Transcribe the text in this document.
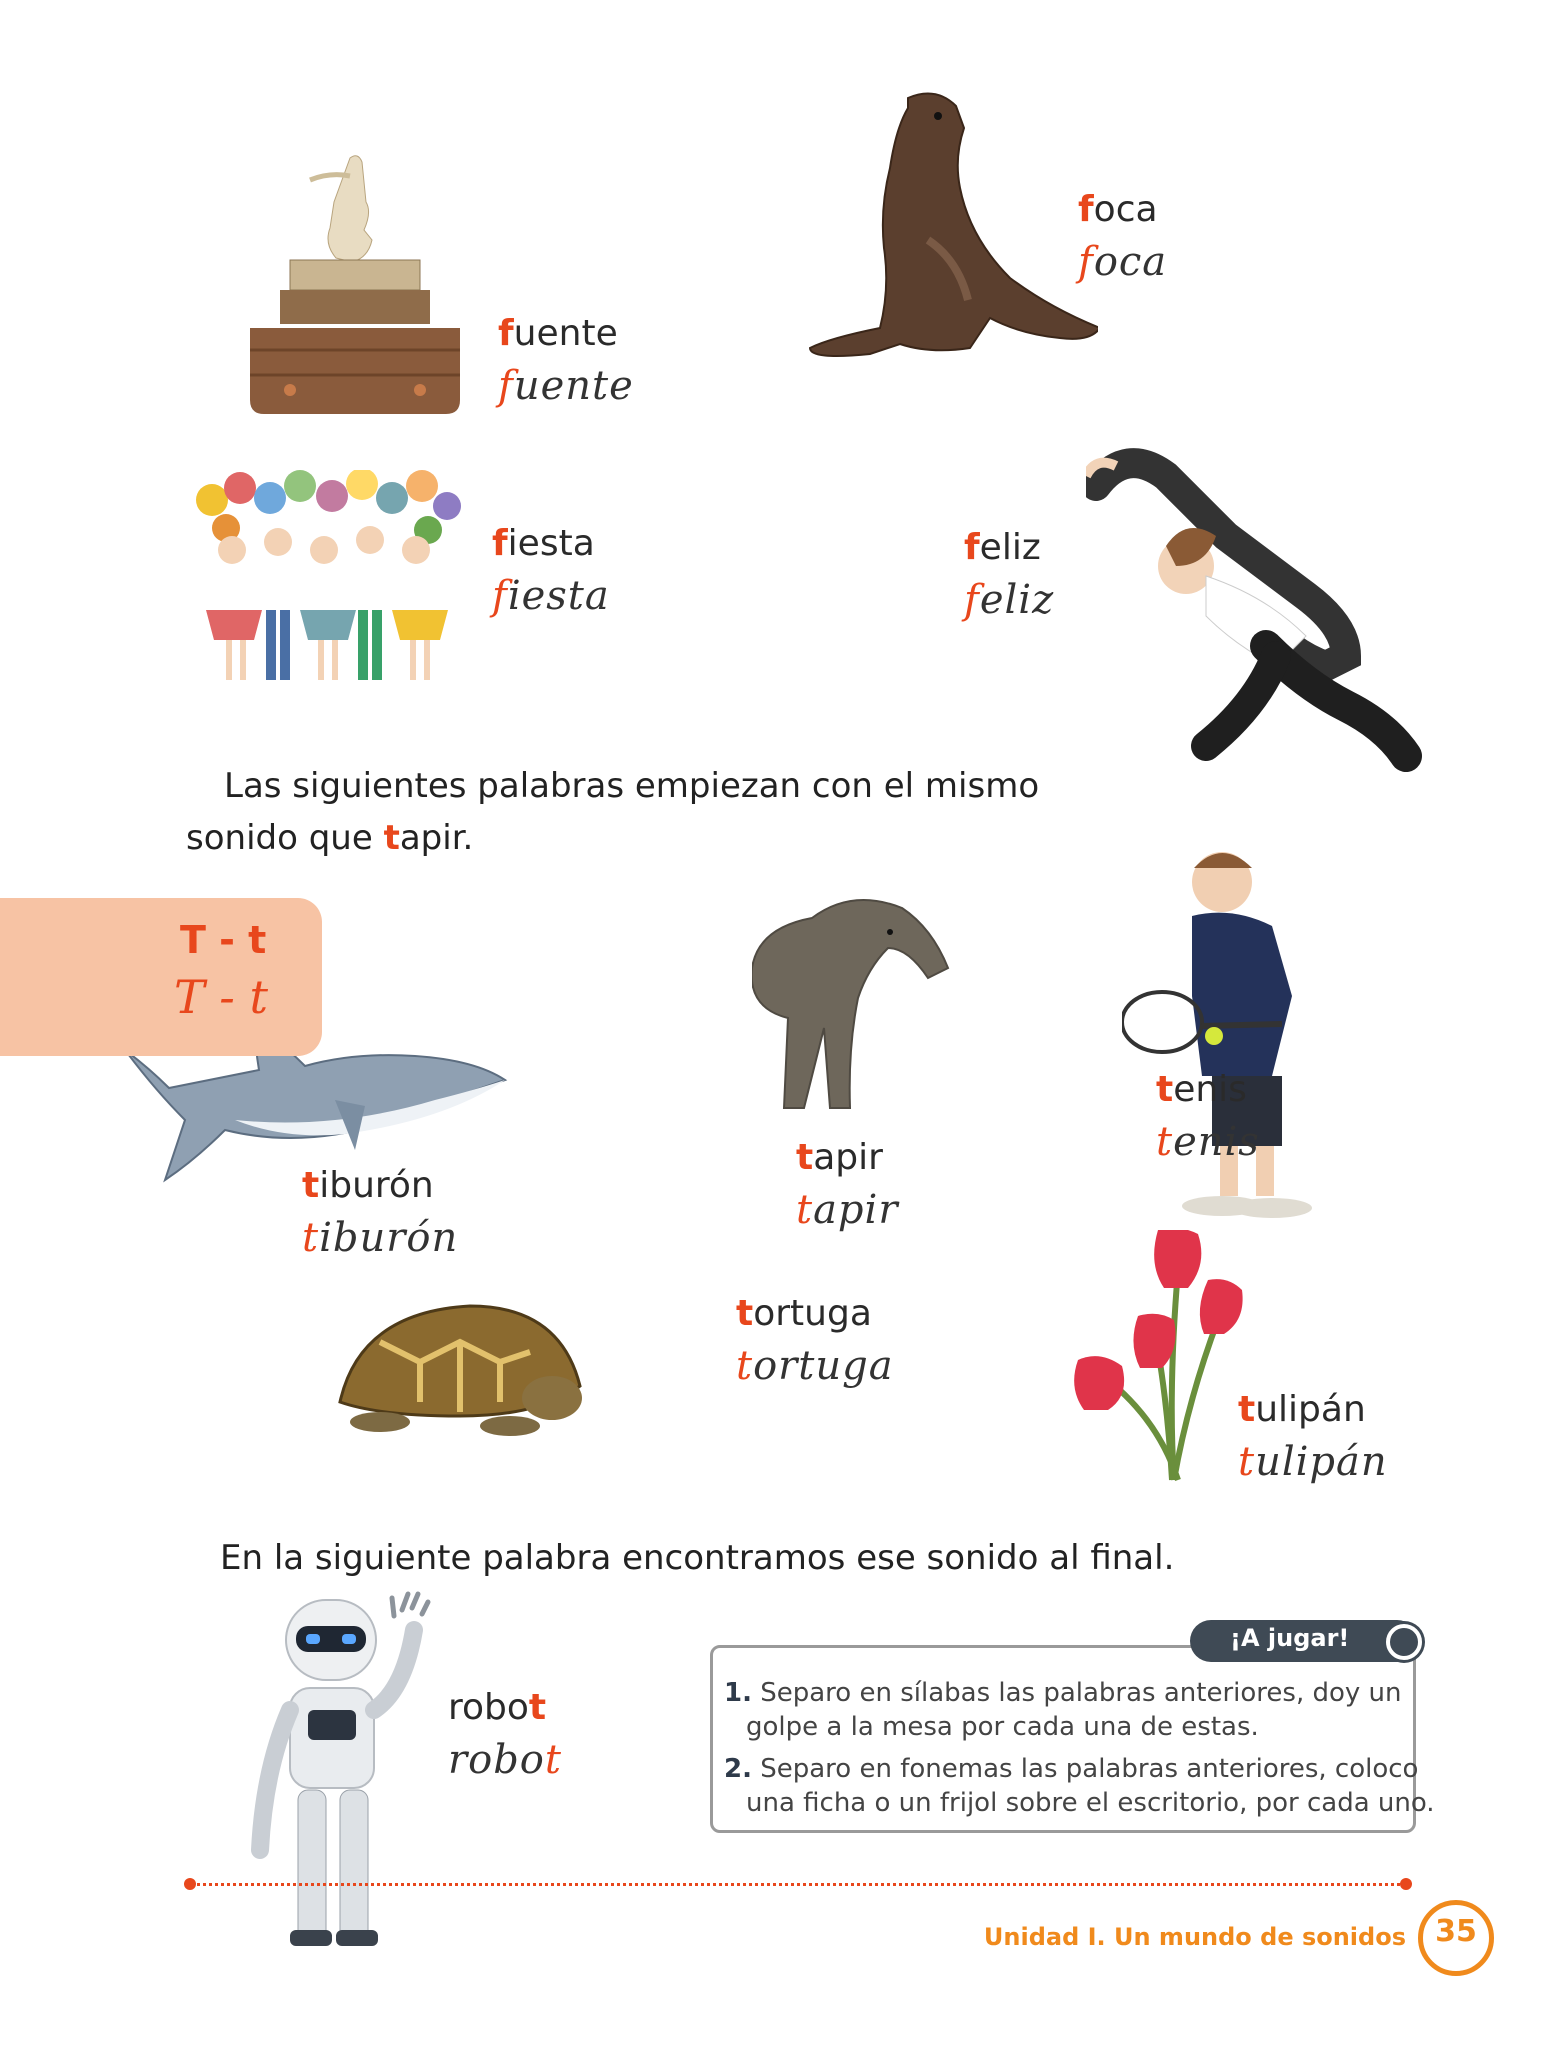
fuente
fuente
foca
foca
fiesta
fiesta
feliz
feliz
Las siguientes palabras empiezan con el mismo
sonido que tapir.
T - t
T - t
tiburón
tiburón
tapir
tapir
tenis
tenis
tortuga
tortuga
tulipán
tulipán
En la siguiente palabra encontramos ese sonido al final.
robot
robot
¡A jugar!
1. Separo en sílabas las palabras anteriores, doy un
golpe a la mesa por cada una de estas.
2. Separo en fonemas las palabras anteriores, coloco
una ficha o un frijol sobre el escritorio, por cada uno.
Unidad I. Un mundo de sonidos 35
